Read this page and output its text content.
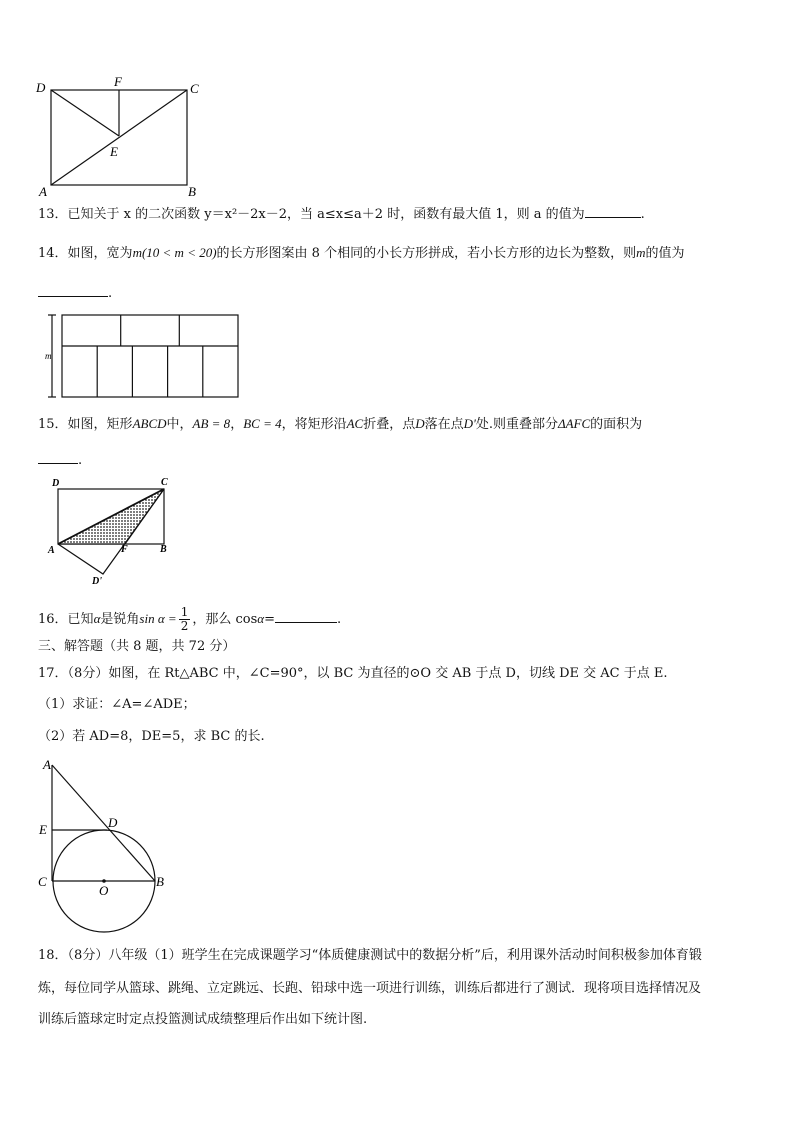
D	F	C
E
A	B
13．已知关于 x 的二次函数 y＝x²－2x－2，当 a≤x≤a＋2 时，函数有最大值 1，则 a 的值为	.
14．如图，宽为m(10 < m < 20)的长方形图案由 8 个相同的小长方形拼成，若小长方形的边长为整数，则m的值为
.
m
15．如图，矩形ABCD中，AB = 8，BC = 4，将矩形沿AC折叠，点D落在点D'处.则重叠部分ΔAFC的面积为
.
D	C
A	F	B
D'
16．已知α是锐角$\sin \alpha = \frac{1}{2}$ ，那么 cosα=	.
三、解答题（共 8 题，共 72 分）
17．（8分）如图，在 Rt△ABC 中，∠C=90°，以 BC 为直径的⊙O 交 AB 于点 D，切线 DE 交 AC 于点 E.
（1）求证：∠A=∠ADE；
（2）若 AD=8，DE=5，求 BC 的长.
A
D
E
C
O
B
18．（8分）八年级（1）班学生在完成课题学习“体质健康测试中的数据分析”后，利用课外活动时间积极参加体育锻
炼，每位同学从篮球、跳绳、立定跳远、长跑、铅球中选一项进行训练，训练后都进行了测试．现将项目选择情况及
训练后篮球定时定点投篮测试成绩整理后作出如下统计图.
